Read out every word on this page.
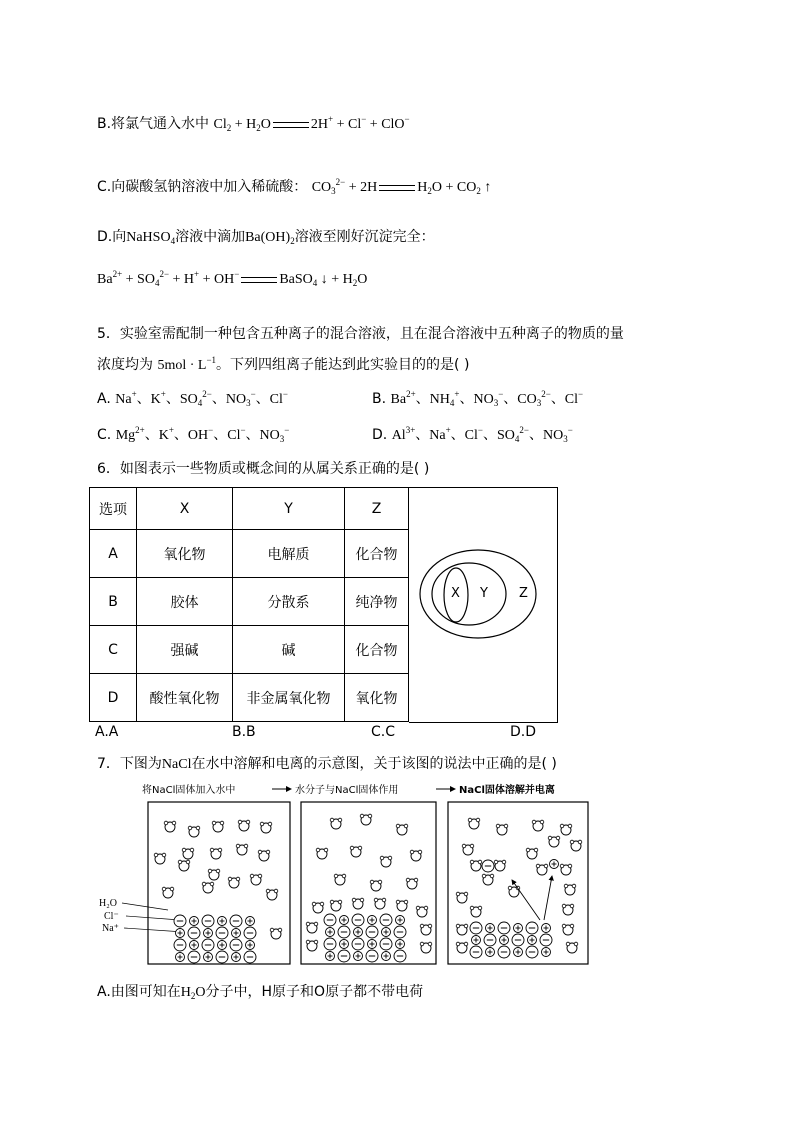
B.将氯气通入水中 $Cl_2 + H_2O$	2H+ + Cl− + ClO−
C.向碳酸氢钠溶液中加入稀硫酸： $CO_3^{2-} + 2H$	$H_2O + CO_2$ ↑
D.向NaHSO$_4$溶液中滴加$Ba(OH)_2$溶液至刚好沉淀完全：
$Ba^{2+} + SO_4^{2-} + H^+ + OH^-$	BaSO$_4$ ↓ + $H_2O$
5．实验室需配制一种包含五种离子的混合溶液，且在混合溶液中五种离子的物质的量
浓度均为 $5mol \cdot L^{-1}$。下列四组离子能达到此实验目的的是( )
A. Na+、K+、$SO_4^{2-}$、$NO_3^-$、Cl−	B. $Ba^{2+}$、$NH_4^+$、$NO_3^-$、$CO_3^{2-}$、Cl−
C. $Mg^{2+}$、K+、OH−、Cl−、$NO_3^-$	D. $Al^{3+}$、Na+、Cl−、$SO_4^{2-}$、$NO_3^-$
6．如图表示一些物质或概念间的从属关系正确的是( )
选项	X	Y	Z
A	氧化物	电解质	化合物
B	胶体	分散系	纯净物
C	强碱	碱	化合物
D	酸性氧化物	非金属氧化物	氧化物
X Y Z
A.A	B.B	C.C	D.D
7．下图为NaCl在水中溶解和电离的示意图，关于该图的说法中正确的是( )
将NaCl固体加入水中	水分子与NaCl固体作用	NaCl固体溶解并电离
H₂O
Cl⁻
Na⁺
A.由图可知在$H_2O$分子中，H原子和O原子都不带电荷
